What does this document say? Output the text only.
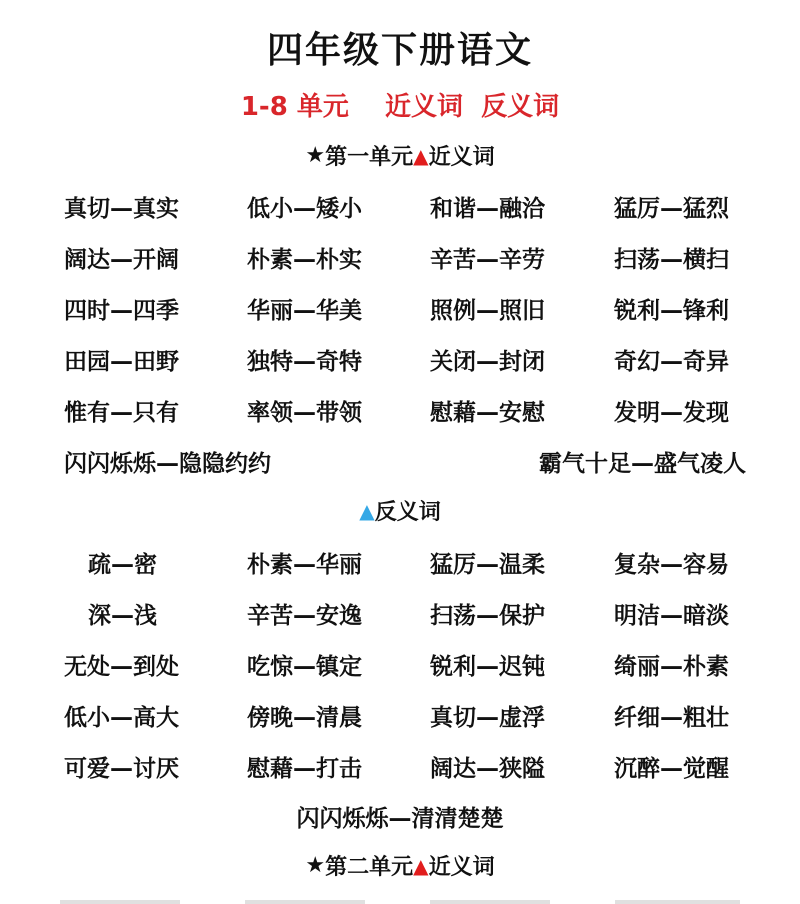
四年级下册语文
1-8 单元    近义词  反义词
★第一单元▲近义词
真切—真实	低小—矮小	和谐—融洽	猛厉—猛烈
阔达—开阔	朴素—朴实	辛苦—辛劳	扫荡—横扫
四时—四季	华丽—华美	照例—照旧	锐利—锋利
田园—田野	独特—奇特	关闭—封闭	奇幻—奇异
惟有—只有	率领—带领	慰藉—安慰	发明—发现
闪闪烁烁—隐隐约约	霸气十足—盛气凌人
▲反义词
疏—密	朴素—华丽	猛厉—温柔	复杂—容易
深—浅	辛苦—安逸	扫荡—保护	明洁—暗淡
无处—到处	吃惊—镇定	锐利—迟钝	绮丽—朴素
低小—高大	傍晚—清晨	真切—虚浮	纤细—粗壮
可爱—讨厌	慰藉—打击	阔达—狭隘	沉醉—觉醒
闪闪烁烁—清清楚楚
★第二单元▲近义词
